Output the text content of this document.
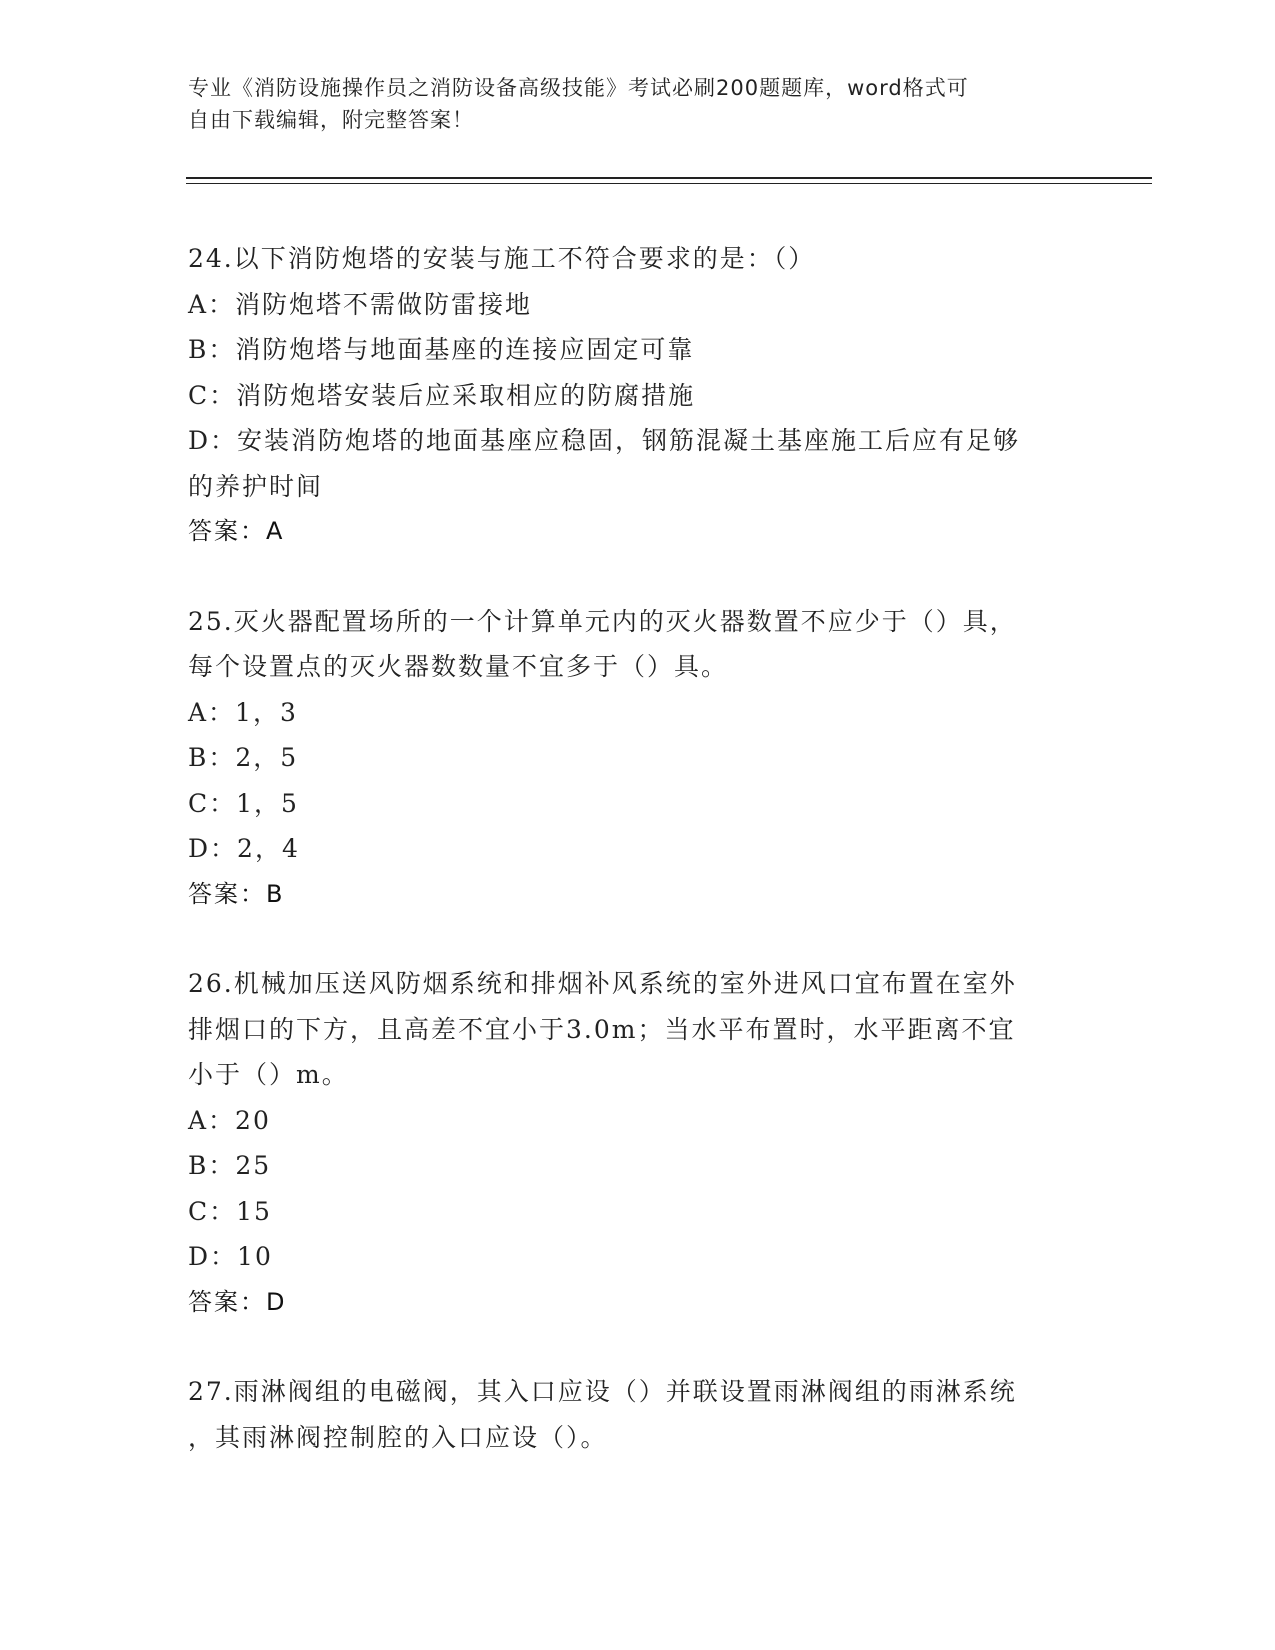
专业《消防设施操作员之消防设备高级技能》考试必刷200题题库，word格式可
自由下载编辑，附完整答案！

24.以下消防炮塔的安装与施工不符合要求的是：（）

A：消防炮塔不需做防雷接地

B：消防炮塔与地面基座的连接应固定可靠

C：消防炮塔安装后应采取相应的防腐措施

D：安装消防炮塔的地面基座应稳固，钢筋混凝土基座施工后应有足够

的养护时间

答案：A

25.灭火器配置场所的一个计算单元内的灭火器数置不应少于（）具，

每个设置点的灭火器数数量不宜多于（）具。

A：1，3

B：2，5

C：1，5

D：2，4

答案：B

26.机械加压送风防烟系统和排烟补风系统的室外进风口宜布置在室外

排烟口的下方，且高差不宜小于3.0m；当水平布置时，水平距离不宜

小于（）m。

A：20

B：25

C：15

D：10

答案：D

27.雨淋阀组的电磁阀，其入口应设（）并联设置雨淋阀组的雨淋系统

，其雨淋阀控制腔的入口应设（）。
